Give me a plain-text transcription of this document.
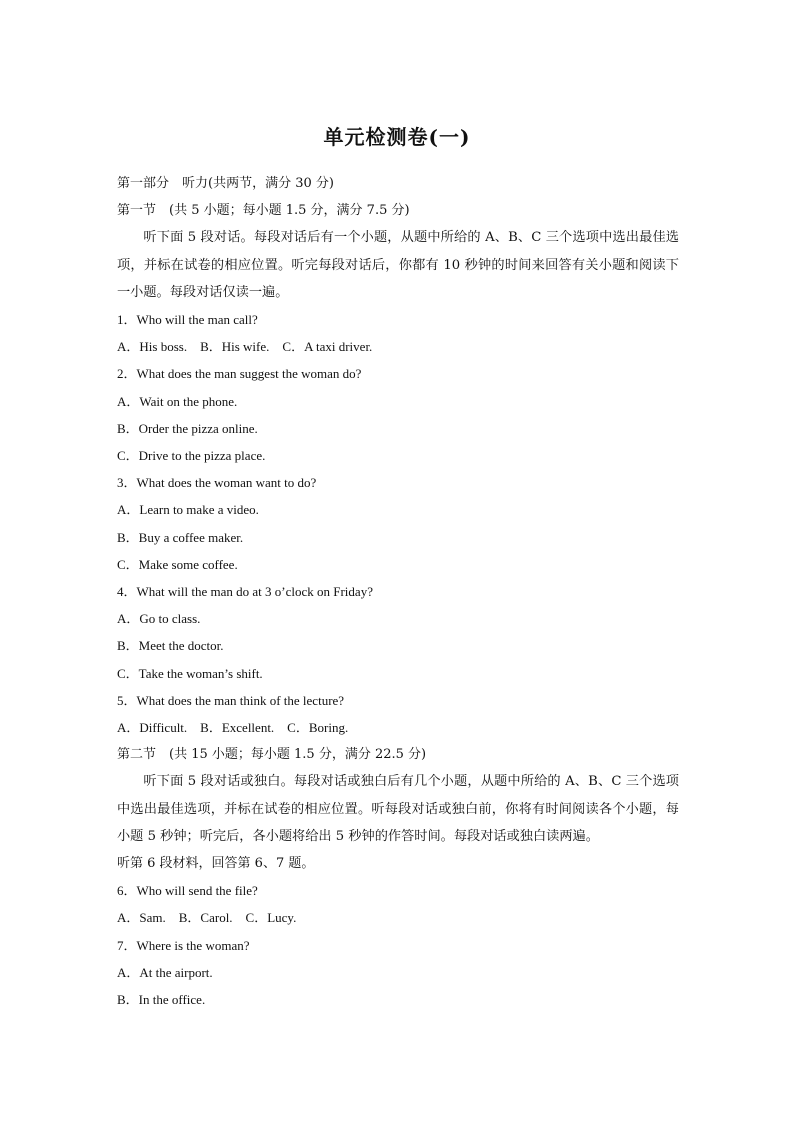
单元检测卷(一)
第一部分　听力(共两节，满分 30 分)
第一节　(共 5 小题；每小题 1.5 分，满分 7.5 分)
听下面 5 段对话。每段对话后有一个小题，从题中所给的 A、B、C 三个选项中选出最佳选项，并标在试卷的相应位置。听完每段对话后，你都有 10 秒钟的时间来回答有关小题和阅读下一小题。每段对话仅读一遍。
1．Who will the man call?
A．His boss.　B．His wife.　C．A taxi driver.
2．What does the man suggest the woman do?
A．Wait on the phone.
B．Order the pizza online.
C．Drive to the pizza place.
3．What does the woman want to do?
A．Learn to make a video.
B．Buy a coffee maker.
C．Make some coffee.
4．What will the man do at 3 o’clock on Friday?
A．Go to class.
B．Meet the doctor.
C．Take the woman’s shift.
5．What does the man think of the lecture?
A．Difficult.　B．Excellent.　C．Boring.
第二节　(共 15 小题；每小题 1.5 分，满分 22.5 分)
听下面 5 段对话或独白。每段对话或独白后有几个小题，从题中所给的 A、B、C 三个选项中选出最佳选项，并标在试卷的相应位置。听每段对话或独白前，你将有时间阅读各个小题，每小题 5 秒钟；听完后，各小题将给出 5 秒钟的作答时间。每段对话或独白读两遍。
听第 6 段材料，回答第 6、7 题。
6．Who will send the file?
A．Sam.　B．Carol.　C．Lucy.
7．Where is the woman?
A．At the airport.
B．In the office.
